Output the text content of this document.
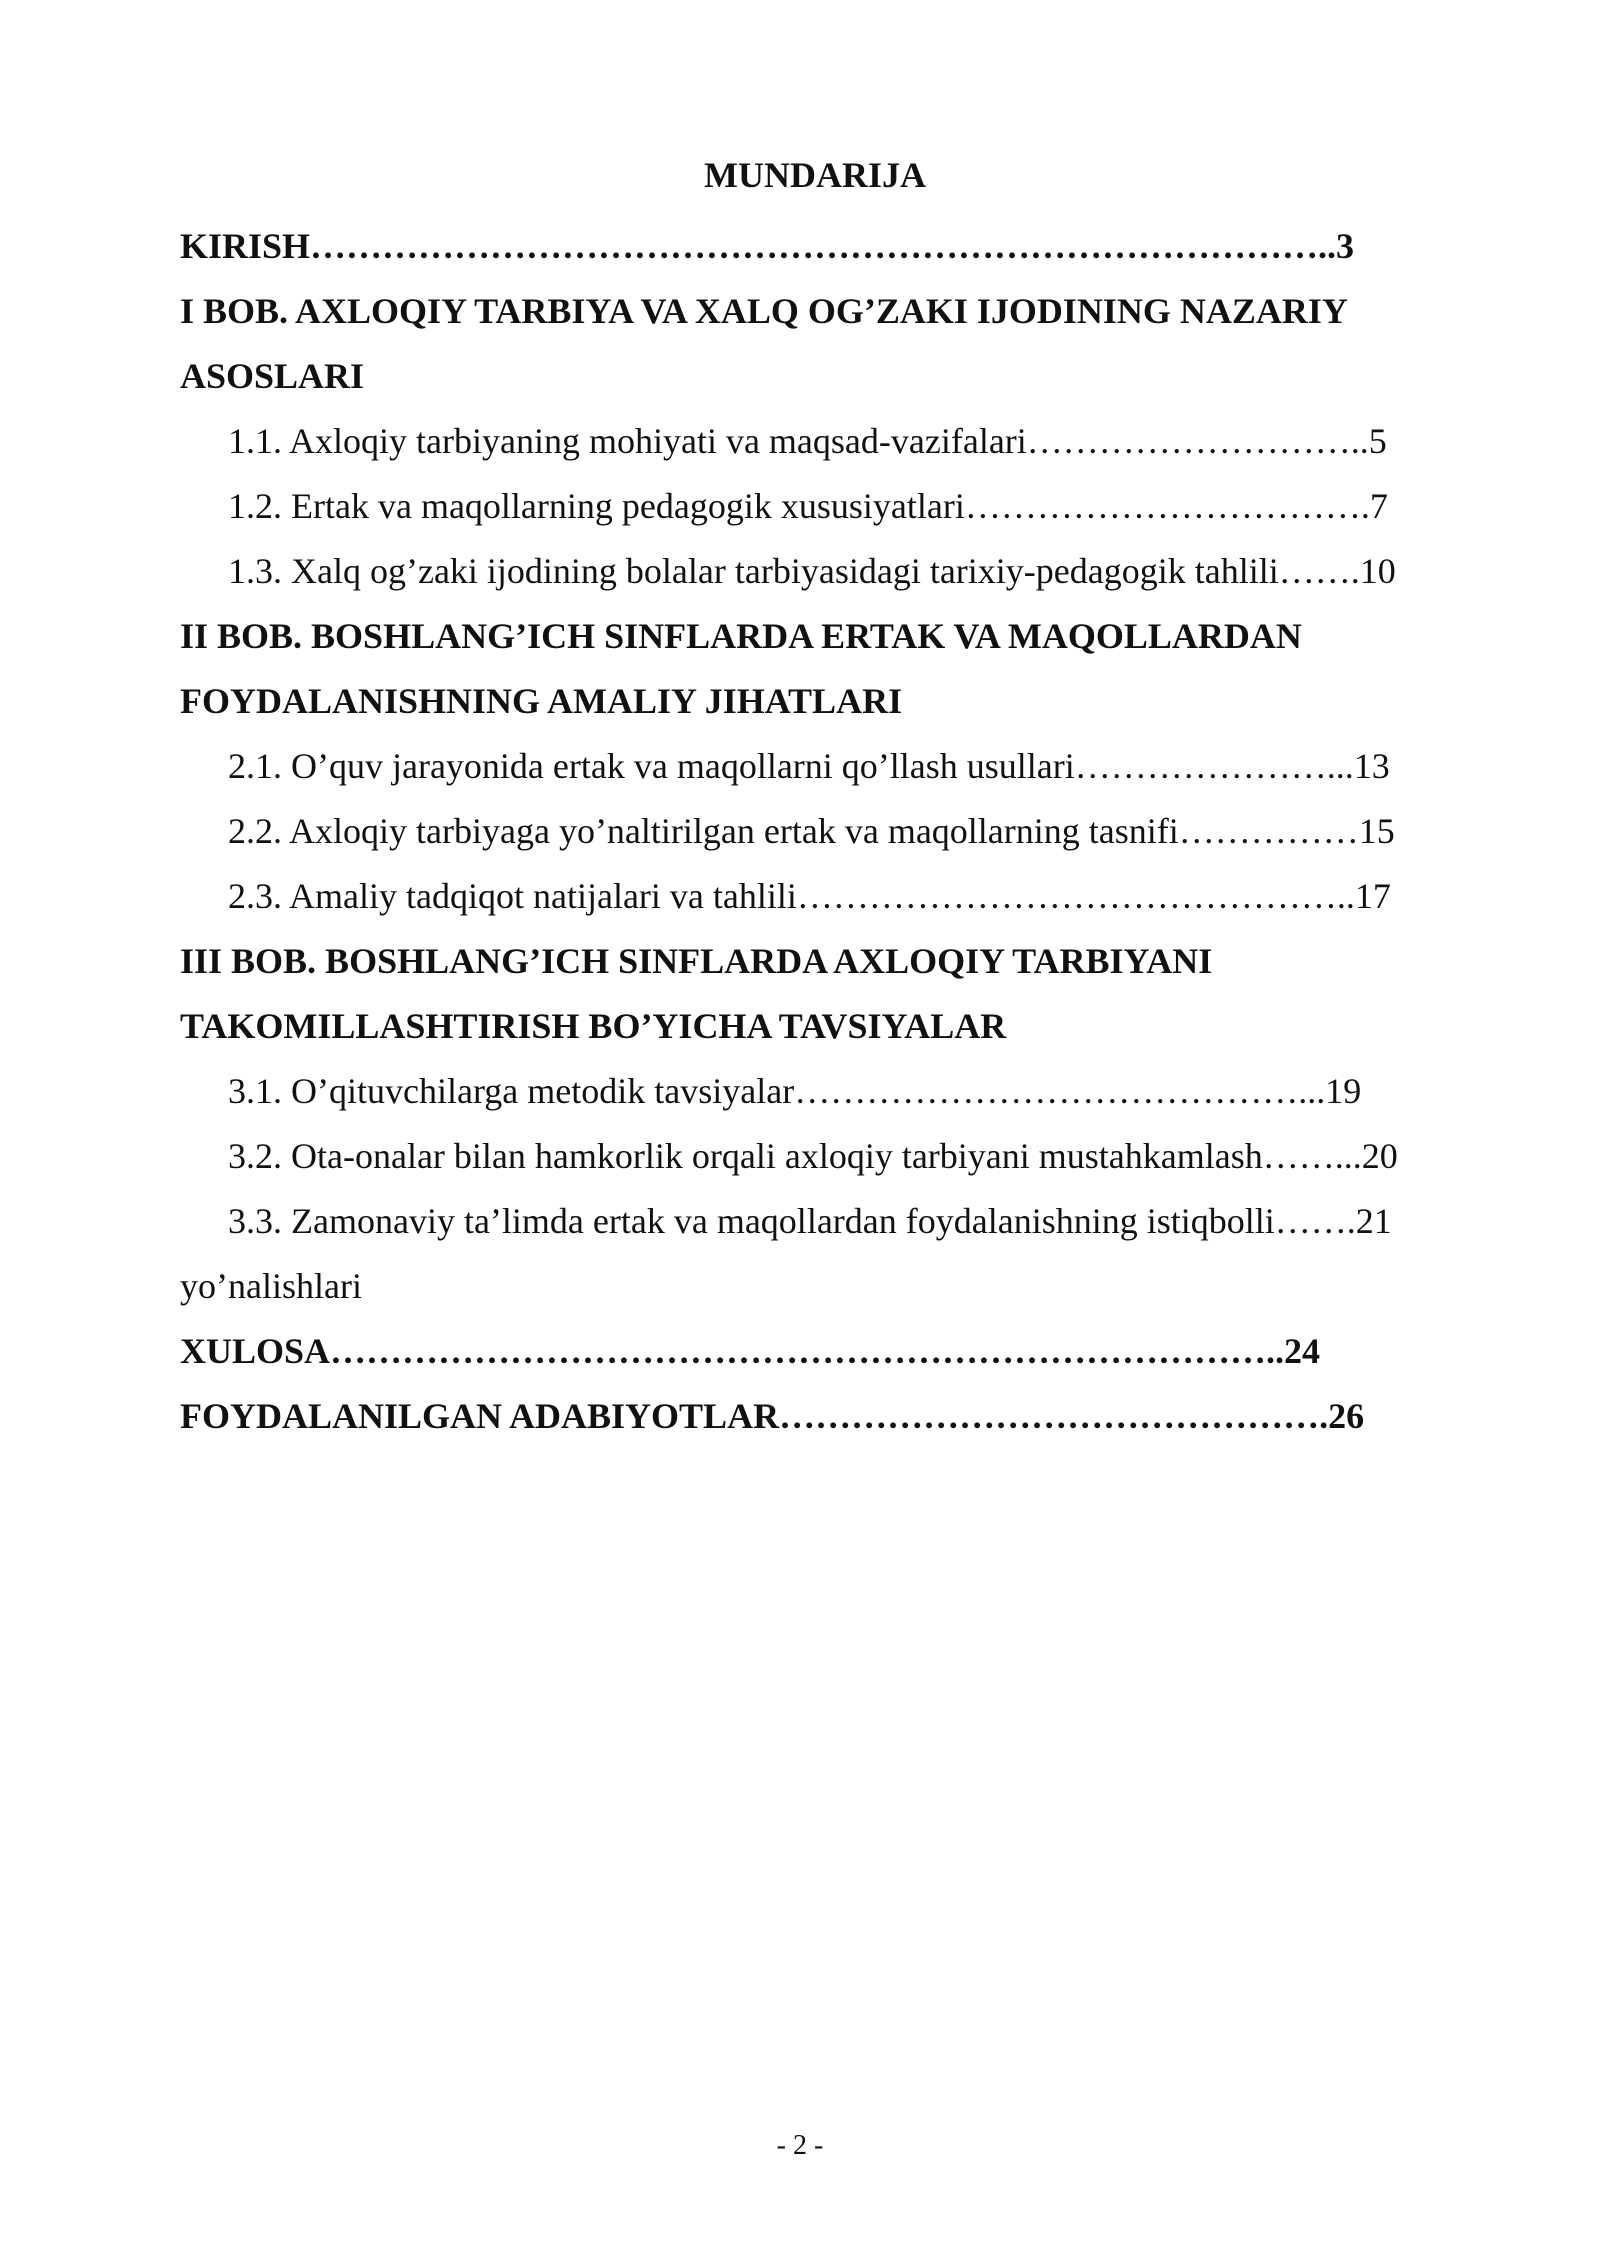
MUNDARIJA
KIRISH…………………………………………………………………………..3
I BOB. AXLOQIY TARBIYA VA XALQ OG’ZAKI IJODINING NAZARIY
ASOSLARI
1.1. Axloqiy tarbiyaning mohiyati va maqsad-vazifalari………………………..5
1.2. Ertak va maqollarning pedagogik xususiyatlari…………………………….7
1.3. Xalq og’zaki ijodining bolalar tarbiyasidagi tarixiy-pedagogik tahlili…….10
II BOB. BOSHLANG’ICH SINFLARDA ERTAK VA MAQOLLARDAN
FOYDALANISHNING AMALIY JIHATLARI
2.1. O’quv jarayonida ertak va maqollarni qo’llash usullari…………………...13
2.2. Axloqiy tarbiyaga yo’naltirilgan ertak va maqollarning tasnifi……………15
2.3. Amaliy tadqiqot natijalari va tahlili………………………………………..17
III BOB. BOSHLANG’ICH SINFLARDA AXLOQIY TARBIYANI
TAKOMILLASHTIRISH BO’YICHA TAVSIYALAR
3.1. O’qituvchilarga metodik tavsiyalar……………………………………...19
3.2. Ota-onalar bilan hamkorlik orqali axloqiy tarbiyani mustahkamlash……...20
3.3. Zamonaviy ta’limda ertak va maqollardan foydalanishning istiqbolli…….21
yo’nalishlari
XULOSA……………………………………………………………………..24
FOYDALANILGAN ADABIYOTLAR……………………………………….26
- 2 -
